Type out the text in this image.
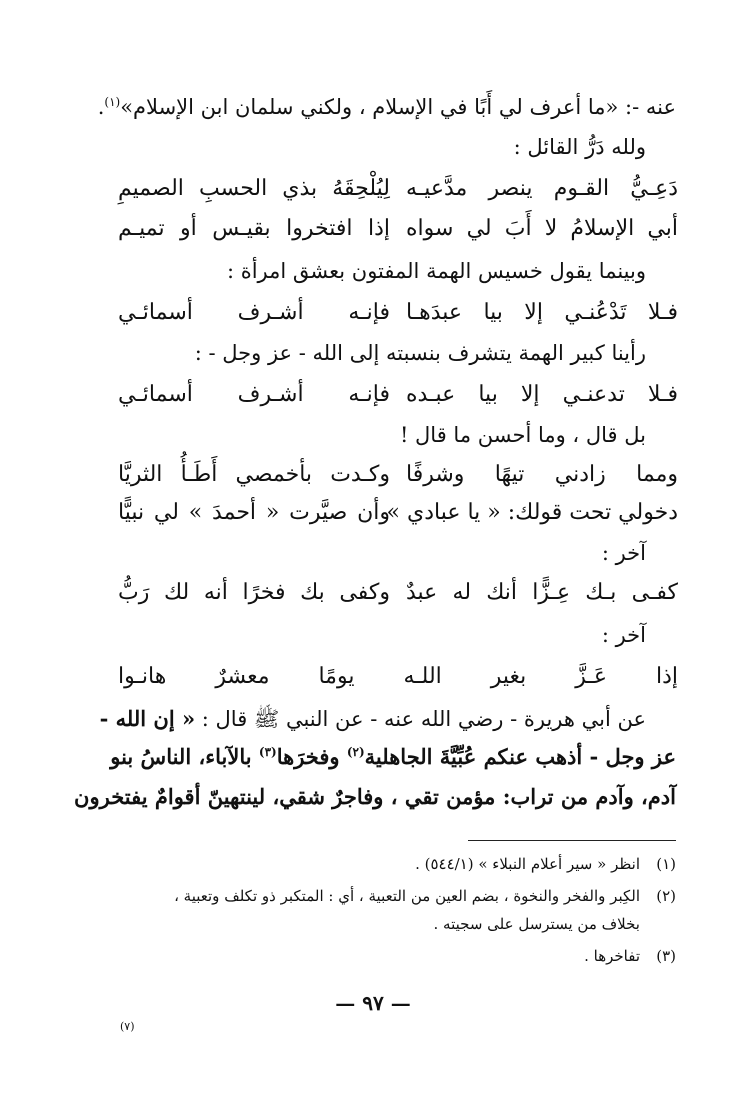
عنه -: «ما أعرف لي أَبًا في الإسلام ، ولكني سلمان ابن الإسلام»$^{(١)}$.
ولله دَرُّ القائل :
دَعِـيُّ القـوم ينصر مدَّعيـه
لِيُلْحِقَهُ بذي الحسبِ الصميمِ
أبي الإسلامُ لا أَبَ لي سواه
إذا افتخروا بقيـس أو تميـم
وبينما يقول خسيس الهمة المفتون بعشق امرأة :
فـلا تَدْعُنـي إلا بيا عبدَهـا
فإنـه أشـرف أسمائـي
رأينا كبير الهمة يتشرف بنسبته إلى الله - عز وجل - :
فـلا تدعنـي إلا بيا عبـده
فإنـه أشـرف أسمائـي
بل قال ، وما أحسن ما قال !
ومما زادني تيهًا وشرفًا
وكـدت بأخمصي أَطَـأُ الثريَّا
دخولي تحت قولك: « يا عبادي »
وأن صيَّرت « أحمدَ » لي نبيًّا
آخر :
كفـى بـك عِـزًّا أنك له عبدٌ
وكفى بك فخرًا أنه لك رَبُّ
آخر :
إذا عَـزَّ بغير اللـه يومًا معشرٌ هانـوا
عن أبي هريرة - رضي الله عنه - عن النبي ﷺ قال : « إن الله -
عز وجل - أذهب عنكم عُبِّيَّةَ الجاهلية$^{(٢)}$ وفخرَها$^{(٣)}$ بالآباء، الناسُ بنو
آدم، وآدم من تراب: مؤمن تقي ، وفاجرٌ شقي، لينتهينّ أقوامٌ يفتخرون
(١)انظر « سير أعلام النبلاء » (٥٤٤/١) .
(٢)الكِبر والفخر والنخوة ، بضم العين من التعبية ، أي : المتكبر ذو تكلف وتعبية ،
بخلاف من يسترسل على سجيته .
(٣)تفاخرها .
— ٩٧ —
(٧)
